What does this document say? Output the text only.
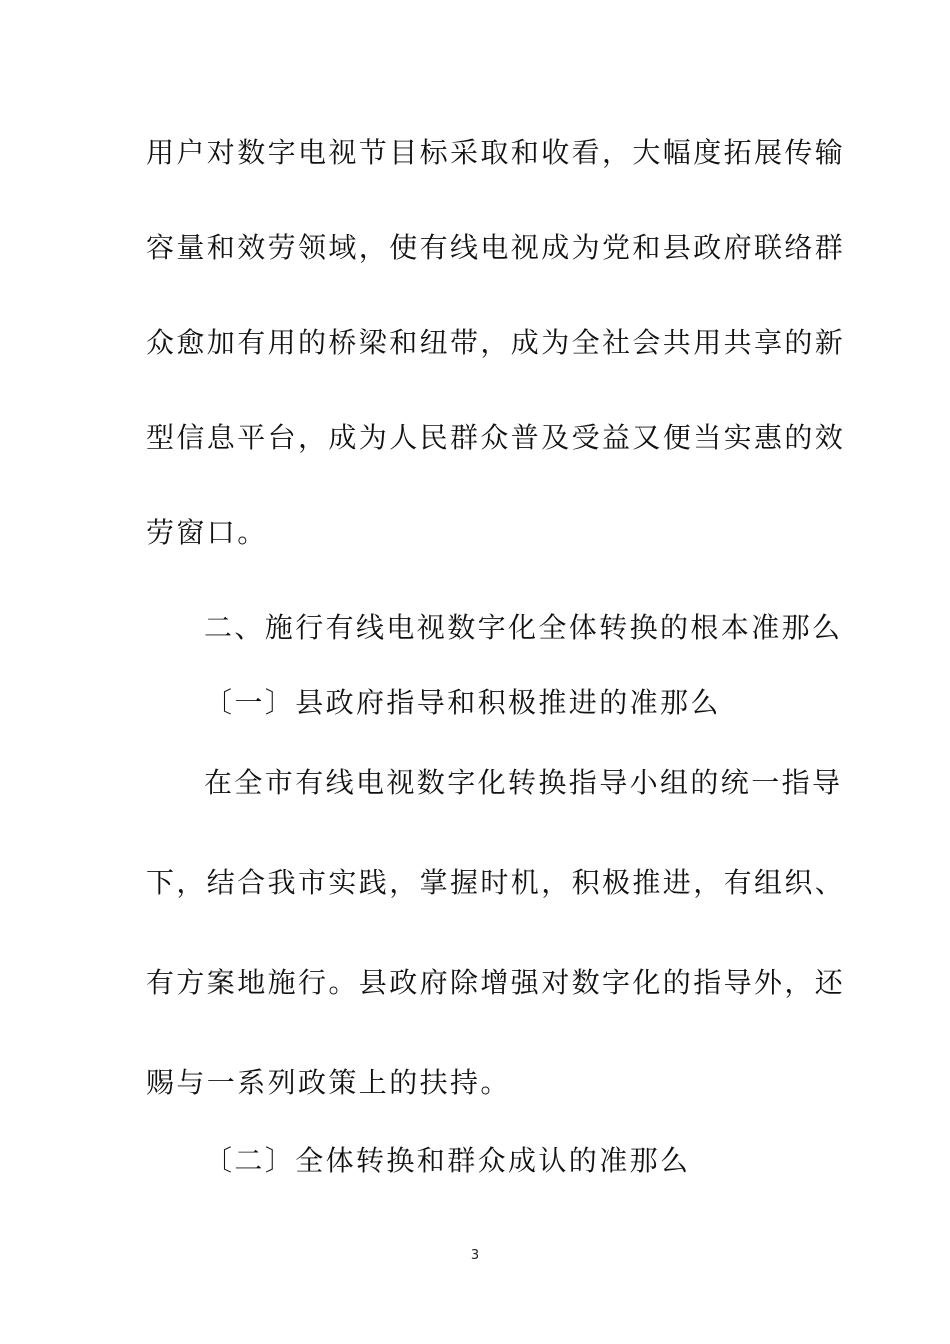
用户对数字电视节目标采取和收看，大幅度拓展传输
容量和效劳领域，使有线电视成为党和县政府联络群
众愈加有用的桥梁和纽带，成为全社会共用共享的新
型信息平台，成为人民群众普及受益又便当实惠的效
劳窗口。
二、施行有线电视数字化全体转换的根本准那么
〔一〕县政府指导和积极推进的准那么
在全市有线电视数字化转换指导小组的统一指导
下，结合我市实践，掌握时机，积极推进，有组织、
有方案地施行。县政府除增强对数字化的指导外，还
赐与一系列政策上的扶持。
〔二〕全体转换和群众成认的准那么
3
